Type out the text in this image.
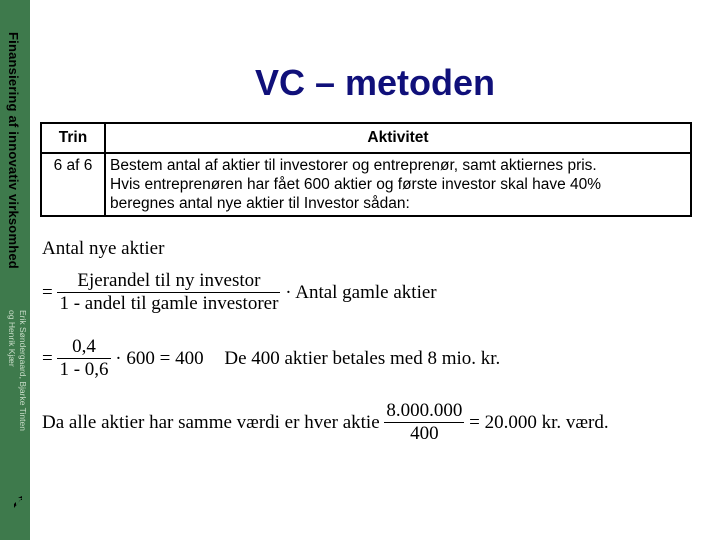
Finansiering af innovativ virksomhed
Erik Søndergaard, Bjarke Tinten
og Henrik Kjær
VC – metoden
Trin	Aktivitet
6 af 6	Bestem antal af aktier til investorer og entreprenør, samt aktiernes pris.
Hvis entreprenøren har fået 600 aktier og første investor skal have 40%
beregnes antal nye aktier til Investor sådan:
Antal nye aktier
= $\frac{\text{Ejerandel til ny investor}}{\text{1 - andel til gamle investorer}}$ · Antal gamle aktier
= $\frac{0,4}{1 - 0,6} \cdot 600 = 400$ De 400 aktier betales med 8 mio. kr.
Da alle aktier har samme værdi er hver aktie $\frac{8.000.000}{400} = 20.000$ kr. værd.
